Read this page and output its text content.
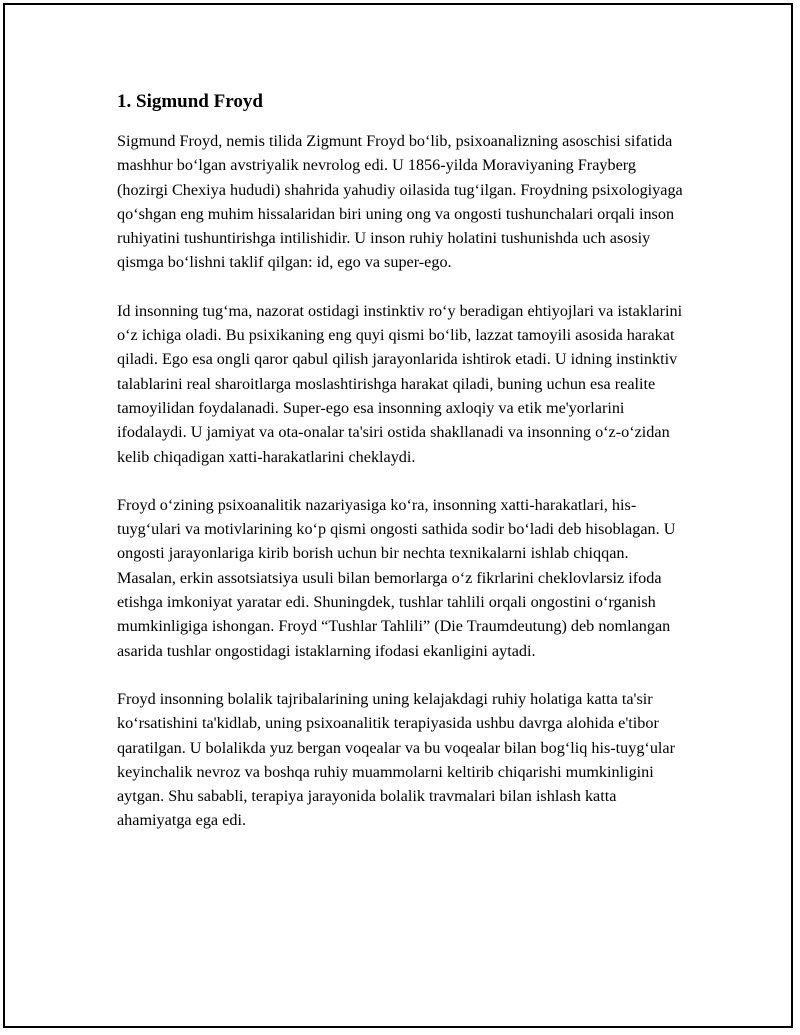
1. Sigmund Froyd

Sigmund Froyd, nemis tilida Zigmunt Froyd bo‘lib, psixoanalizning asoschisi sifatida mashhur bo‘lgan avstriyalik nevrolog edi. U 1856-yilda Moraviyaning Frayberg (hozirgi Chexiya hududi) shahrida yahudiy oilasida tug‘ilgan. Froydning psixologiyaga qo‘shgan eng muhim hissalaridan biri uning ong va ongosti tushunchalari orqali inson ruhiyatini tushuntirishga intilishidir. U inson ruhiy holatini tushunishda uch asosiy qismga bo‘lishni taklif qilgan: id, ego va super-ego.

Id insonning tug‘ma, nazorat ostidagi instinktiv ro‘y beradigan ehtiyojlari va istaklarini o‘z ichiga oladi. Bu psixikaning eng quyi qismi bo‘lib, lazzat tamoyili asosida harakat qiladi. Ego esa ongli qaror qabul qilish jarayonlarida ishtirok etadi. U idning instinktiv talablarini real sharoitlarga moslashtirishga harakat qiladi, buning uchun esa realite tamoyilidan foydalanadi. Super-ego esa insonning axloqiy va etik me'yorlarini ifodalaydi. U jamiyat va ota-onalar ta'siri ostida shakllanadi va insonning o‘z-o‘zidan kelib chiqadigan xatti-harakatlarini cheklaydi.

Froyd o‘zining psixoanalitik nazariyasiga ko‘ra, insonning xatti-harakatlari, his-tuyg‘ulari va motivlarining ko‘p qismi ongosti sathida sodir bo‘ladi deb hisoblagan. U ongosti jarayonlariga kirib borish uchun bir nechta texnikalarni ishlab chiqqan. Masalan, erkin assotsiatsiya usuli bilan bemorlarga o‘z fikrlarini cheklovlarsiz ifoda etishga imkoniyat yaratar edi. Shuningdek, tushlar tahlili orqali ongostini o‘rganish mumkinligiga ishongan. Froyd “Tushlar Tahlili” (Die Traumdeutung) deb nomlangan asarida tushlar ongostidagi istaklarning ifodasi ekanligini aytadi.

Froyd insonning bolalik tajribalarining uning kelajakdagi ruhiy holatiga katta ta'sir ko‘rsatishini ta'kidlab, uning psixoanalitik terapiyasida ushbu davrga alohida e'tibor qaratilgan. U bolalikda yuz bergan voqealar va bu voqealar bilan bog‘liq his-tuyg‘ular keyinchalik nevroz va boshqa ruhiy muammolarni keltirib chiqarishi mumkinligini aytgan. Shu sababli, terapiya jarayonida bolalik travmalari bilan ishlash katta ahamiyatga ega edi.
